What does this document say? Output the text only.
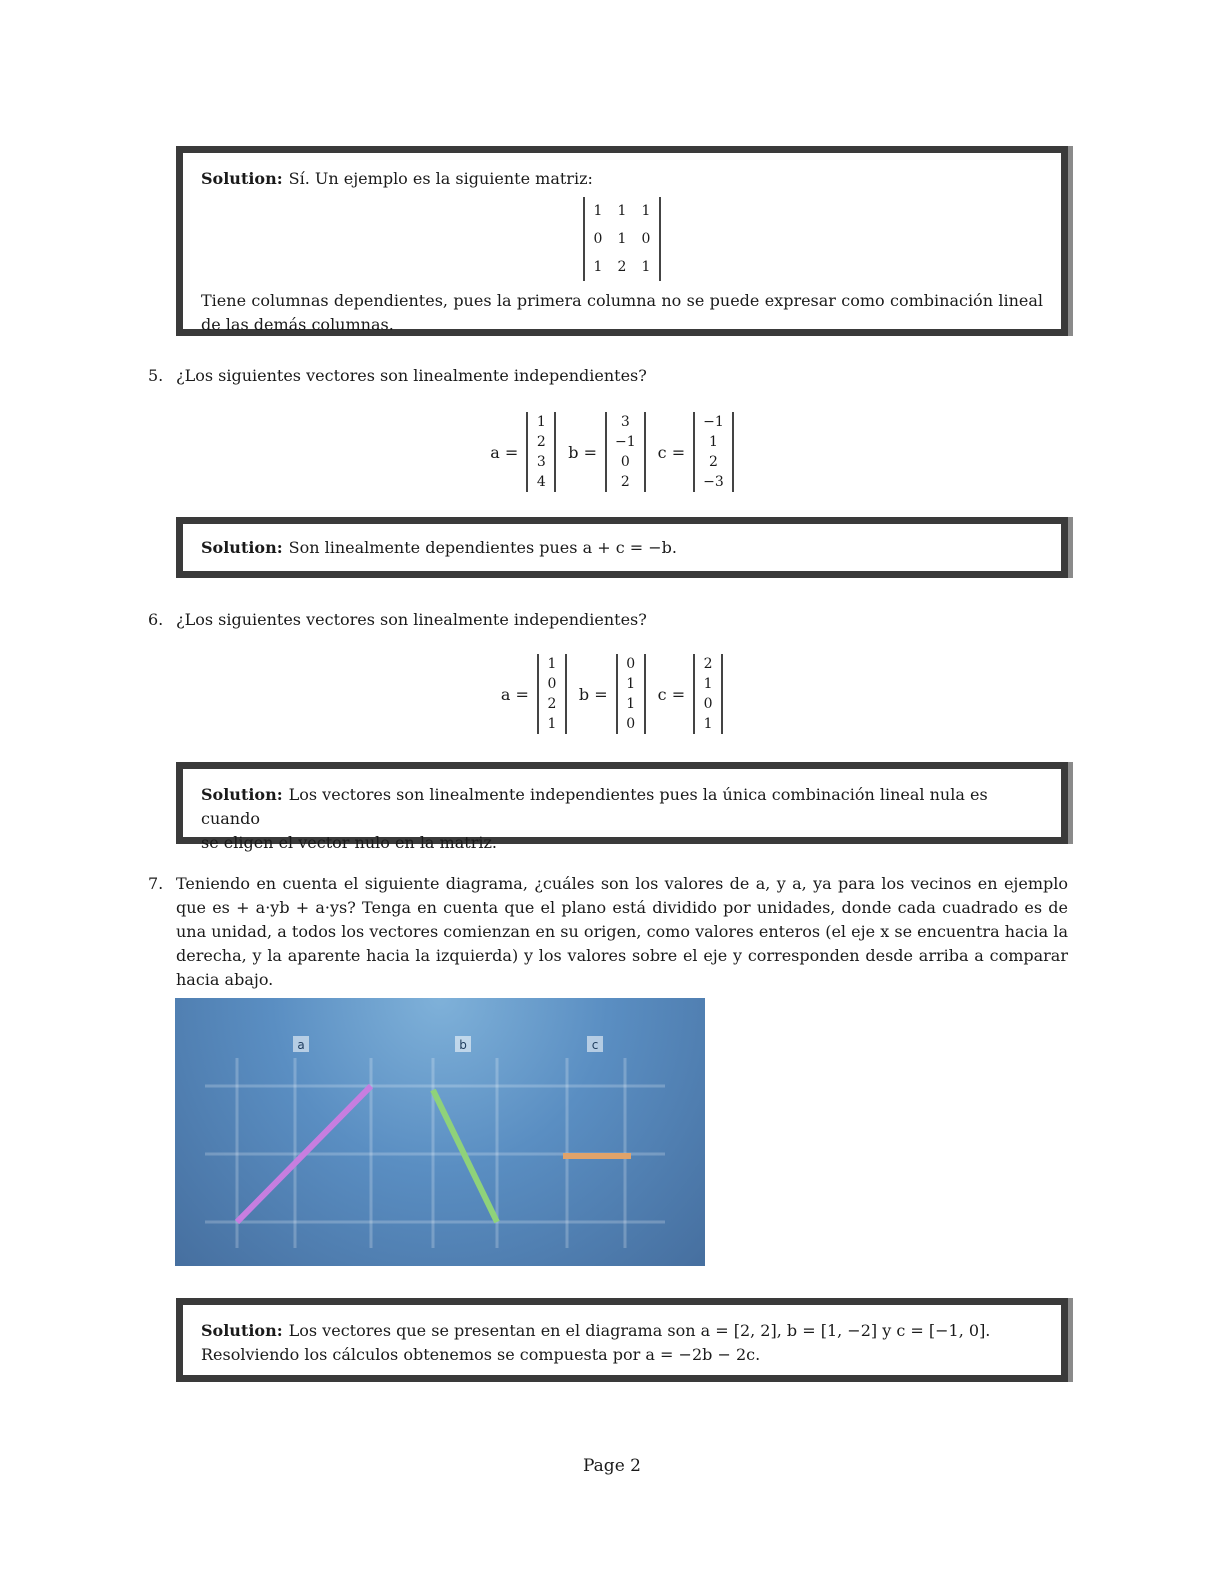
Solution: Sí. Un ejemplo es la siguiente matriz:
1 1 1
0 1 0
1 2 1
Tiene columnas dependientes, pues la primera columna no se puede expresar como combinación lineal de las demás columnas.
5. ¿Los siguientes vectores son linealmente independientes?
a =
1
2
3
4
b =
3
−1
0
2
c =
−1
1
2
−3
Solution: Son linealmente dependientes pues a + c = −b.
6. ¿Los siguientes vectores son linealmente independientes?
a =
1
0
2
1
b =
0
1
1
0
c =
2
1
0
1
Solution: Los vectores son linealmente independientes pues la única combinación lineal nula es cuando
se eligen el vector nulo en la matriz.
7. Teniendo en cuenta el siguiente diagrama, ¿cuáles son los valores de a, y a, ya para los vecinos en ejemplo que es + a·yb + a·ys? Tenga en cuenta que el plano está dividido por unidades, donde cada cuadrado es de una unidad, a todos los vectores comienzan en su origen, como valores enteros (el eje x se encuentra hacia la derecha, y la aparente hacia la izquierda) y los valores sobre el eje y corresponden desde arriba a comparar hacia abajo.
a	b	c
Solution: Los vectores que se presentan en el diagrama son a = [2, 2], b = [1, −2] y c = [−1, 0].
Resolviendo los cálculos obtenemos se compuesta por a = −2b − 2c.
Page 2
